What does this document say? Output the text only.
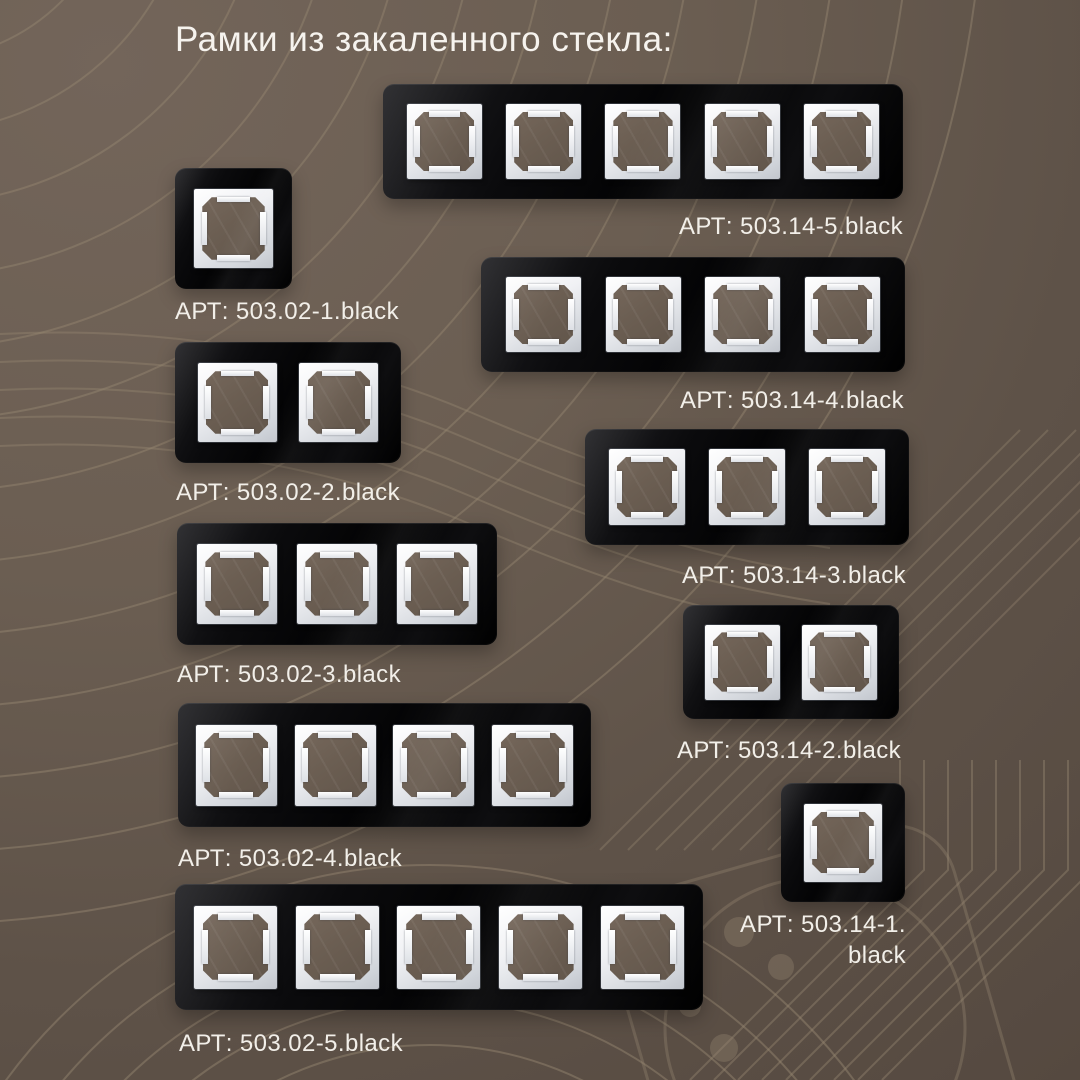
Рамки из закаленного стекла:
АРТ: 503.02-1.black
АРТ: 503.02-2.black
АРТ: 503.02-3.black
АРТ: 503.02-4.black
АРТ: 503.02-5.black
АРТ: 503.14-5.black
АРТ: 503.14-4.black
АРТ: 503.14-3.black
АРТ: 503.14-2.black
АРТ: 503.14-1.
black
